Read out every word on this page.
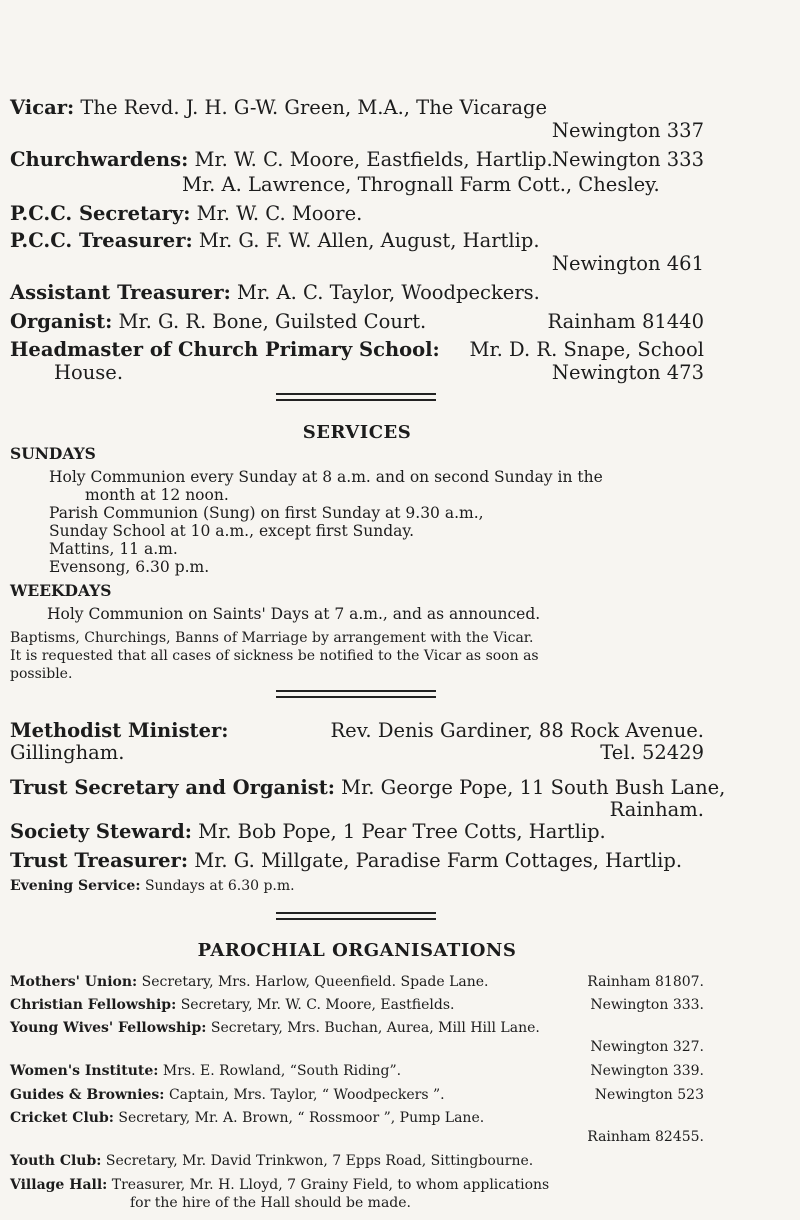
Vicar: The Revd. J. H. G-W. Green, M.A., The Vicarage
Newington 337
Churchwardens: Mr. W. C. Moore, Eastfields, Hartlip. Newington 333
Mr. A. Lawrence, Thrognall Farm Cott., Chesley.
P.C.C. Secretary: Mr. W. C. Moore.
P.C.C. Treasurer: Mr. G. F. W. Allen, August, Hartlip.
Newington 461
Assistant Treasurer: Mr. A. C. Taylor, Woodpeckers.
Organist: Mr. G. R. Bone, Guilsted Court.	Rainham 81440
Headmaster of Church Primary School: Mr. D. R. Snape, School
House.	Newington 473
SERVICES
SUNDAYS
Holy Communion every Sunday at 8 a.m. and on second Sunday in the
month at 12 noon.
Parish Communion (Sung) on first Sunday at 9.30 a.m.,
Sunday School at 10 a.m., except first Sunday.
Mattins, 11 a.m.
Evensong, 6.30 p.m.
WEEKDAYS
Holy Communion on Saints' Days at 7 a.m., and as announced.
Baptisms, Churchings, Banns of Marriage by arrangement with the Vicar.
It is requested that all cases of sickness be notified to the Vicar as soon as
possible.
Methodist Minister:	Rev. Denis Gardiner, 88 Rock Avenue.
Gillingham.	Tel. 52429
Trust Secretary and Organist: Mr. George Pope, 11 South Bush Lane,
Rainham.
Society Steward: Mr. Bob Pope, 1 Pear Tree Cotts, Hartlip.
Trust Treasurer: Mr. G. Millgate, Paradise Farm Cottages, Hartlip.
Evening Service: Sundays at 6.30 p.m.
PAROCHIAL ORGANISATIONS
Mothers' Union: Secretary, Mrs. Harlow, Queenfield. Spade Lane.	Rainham 81807.
Christian Fellowship: Secretary, Mr. W. C. Moore, Eastfields.	Newington 333.
Young Wives' Fellowship: Secretary, Mrs. Buchan, Aurea, Mill Hill Lane.
Newington 327.
Women's Institute: Mrs. E. Rowland, “South Riding”.	Newington 339.
Guides & Brownies: Captain, Mrs. Taylor, “ Woodpeckers ”.	Newington 523
Cricket Club: Secretary, Mr. A. Brown, “ Rossmoor ”, Pump Lane.
Rainham 82455.
Youth Club: Secretary, Mr. David Trinkwon, 7 Epps Road, Sittingbourne.
Village Hall: Treasurer, Mr. H. Lloyd, 7 Grainy Field, to whom applications
for the hire of the Hall should be made.
